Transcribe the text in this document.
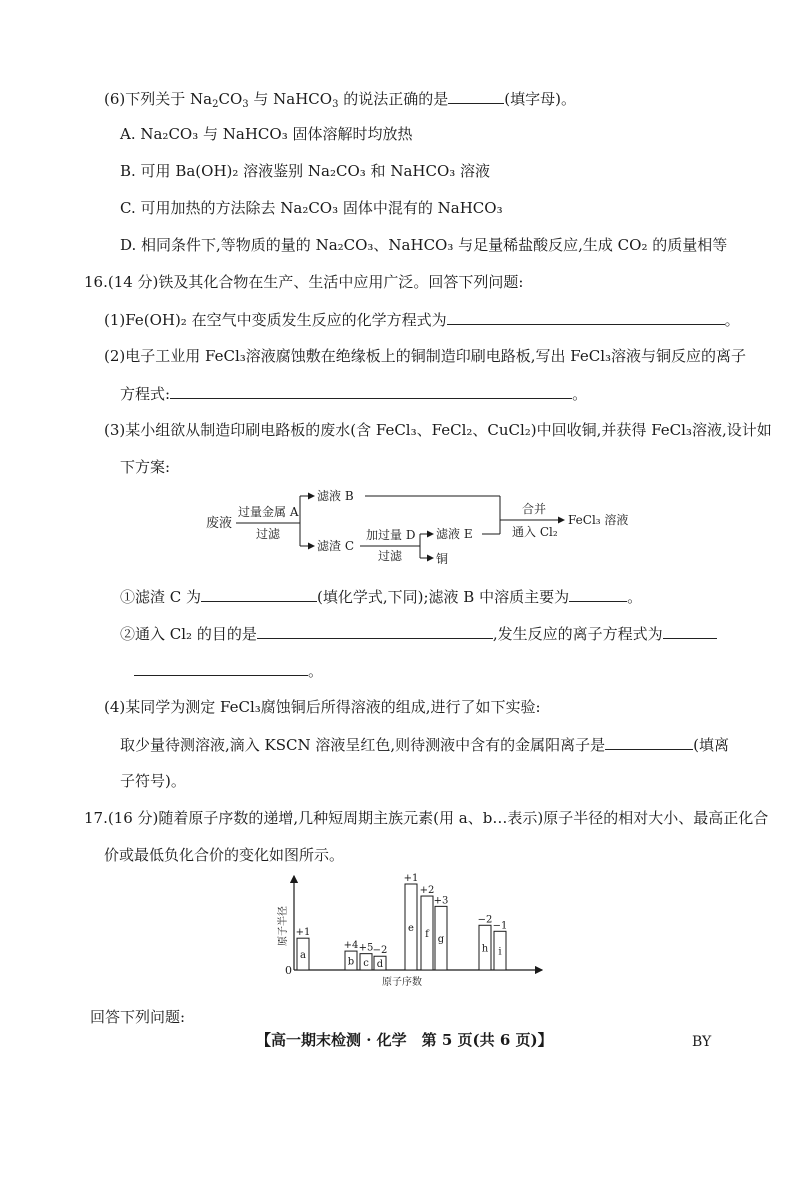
(6)下列关于 $Na_2CO_3$ 与 NaHCO$_3$ 的说法正确的是	(填字母)。
A. Na₂CO₃ 与 NaHCO₃ 固体溶解时均放热
B. 可用 Ba(OH)₂ 溶液鉴别 Na₂CO₃ 和 NaHCO₃ 溶液
C. 可用加热的方法除去 Na₂CO₃ 固体中混有的 NaHCO₃
D. 相同条件下,等物质的量的 Na₂CO₃、NaHCO₃ 与足量稀盐酸反应,生成 CO₂ 的质量相等
16.(14 分)铁及其化合物在生产、生活中应用广泛。回答下列问题:
(1)Fe(OH)₂ 在空气中变质发生反应的化学方程式为	。
(2)电子工业用 FeCl₃溶液腐蚀敷在绝缘板上的铜制造印刷电路板,写出 FeCl₃溶液与铜反应的离子
方程式:	。
(3)某小组欲从制造印刷电路板的废水(含 FeCl₃、FeCl₂、CuCl₂)中回收铜,并获得 FeCl₃溶液,设计如
下方案:
废液
过量金属 A
过滤
滤液 B
滤渣 C
加过量 D
过滤
滤液 E
铜
合并
通入 Cl₂
FeCl₃ 溶液
①滤渣 C 为	(填化学式,下同);滤液 B 中溶质主要为	。
②通入 Cl₂ 的目的是	,发生反应的离子方程式为
。
(4)某同学为测定 FeCl₃腐蚀铜后所得溶液的组成,进行了如下实验:
取少量待测溶液,滴入 KSCN 溶液呈红色,则待测液中含有的金属阳离子是	(填离
子符号)。
17.(16 分)随着原子序数的递增,几种短周期主族元素(用 a、b…表示)原子半径的相对大小、最高正化合
价或最低负化合价的变化如图所示。
0
原子半径
原子序数
a
+1
b
+4
c
+5
d
−2
e
+1
f
+2
g
+3
h
−2
i
−1
回答下列问题:
【高一期末检测 · 化学　第 5 页(共 6 页)】	BY
